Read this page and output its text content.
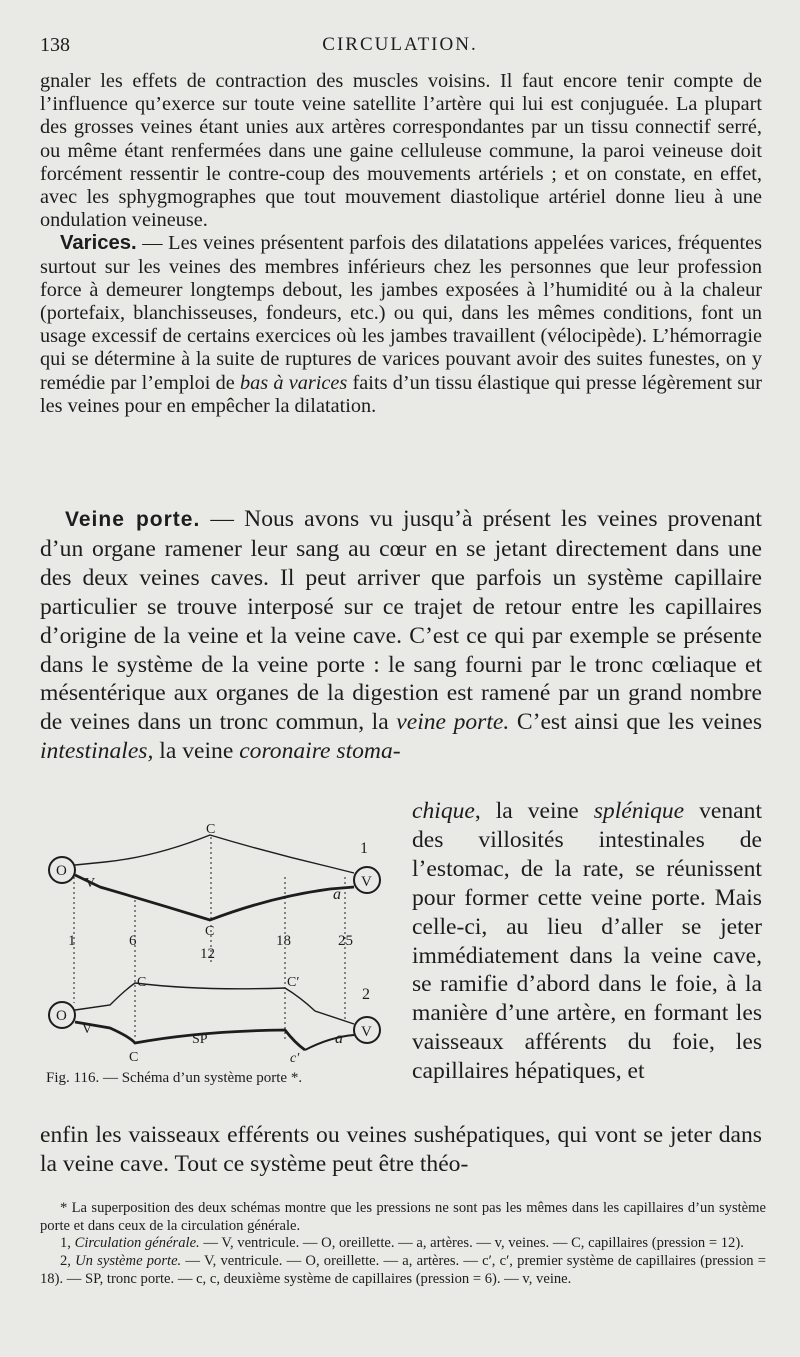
138	CIRCULATION.

gnaler les effets de contraction des muscles voisins. Il faut encore tenir compte de l’influence qu’exerce sur toute veine satellite l’artère qui lui est conjuguée. La plupart des grosses veines étant unies aux artères correspondantes par un tissu connectif serré, ou même étant renfermées dans une gaine celluleuse commune, la paroi veineuse doit forcément ressentir le contre-coup des mouvements artériels ; et on constate, en effet, avec les sphygmographes que tout mouvement diastolique artériel donne lieu à une ondulation veineuse.

Varices. — Les veines présentent parfois des dilatations appelées varices, fréquentes surtout sur les veines des membres inférieurs chez les personnes que leur profession force à demeurer longtemps debout, les jambes exposées à l’humidité ou à la chaleur (portefaix, blanchisseuses, fondeurs, etc.) ou qui, dans les mêmes conditions, font un usage excessif de certains exercices où les jambes travaillent (vélocipède). L’hémorragie qui se détermine à la suite de ruptures de varices pouvant avoir des suites funestes, on y remédie par l’emploi de bas à varices faits d’un tissu élastique qui presse légèrement sur les veines pour en empêcher la dilatation.

Veine porte. — Nous avons vu jusqu’à présent les veines provenant d’un organe ramener leur sang au cœur en se jetant directement dans une des deux veines caves. Il peut arriver que parfois un système capillaire particulier se trouve interposé sur ce trajet de retour entre les capillaires d’origine de la veine et la veine cave. C’est ce qui par exemple se présente dans le système de la veine porte : le sang fourni par le tronc cœliaque et mésentérique aux organes de la digestion est ramené par un grand nombre de veines dans un tronc commun, la veine porte. C’est ainsi que les veines intestinales, la veine coronaire stoma-

chique, la veine splénique venant des villosités intestinales de l’estomac, de la rate, se réunissent pour former cette veine porte. Mais celle-ci, au lieu d’aller se jeter immédiatement dans la veine cave, se ramifie d’abord dans le foie, à la manière d’une artère, en formant les vaisseaux afférents du foie, les capillaires hépatiques, et

enfin les vaisseaux efférents ou veines sushépatiques, qui vont se jeter dans la veine cave. Tout ce système peut être théo-

C
1
O
V
a
V
1	6
C
12
18	25
C	C′
2
O
V
SP	a V
C	c′
Fig. 116. — Schéma d’un système porte *.

* La superposition des deux schémas montre que les pressions ne sont pas les mêmes dans les capillaires d’un système porte et dans ceux de la circulation générale.

1, Circulation générale. — V, ventricule. — O, oreillette. — a, artères. — v, veines. — C, capillaires (pression = 12).

2, Un système porte. — V, ventricule. — O, oreillette. — a, artères. — c′, c′, premier système de capillaires (pression = 18). — SP, tronc porte. — c, c, deuxième système de capillaires (pression = 6). — v, veine.
